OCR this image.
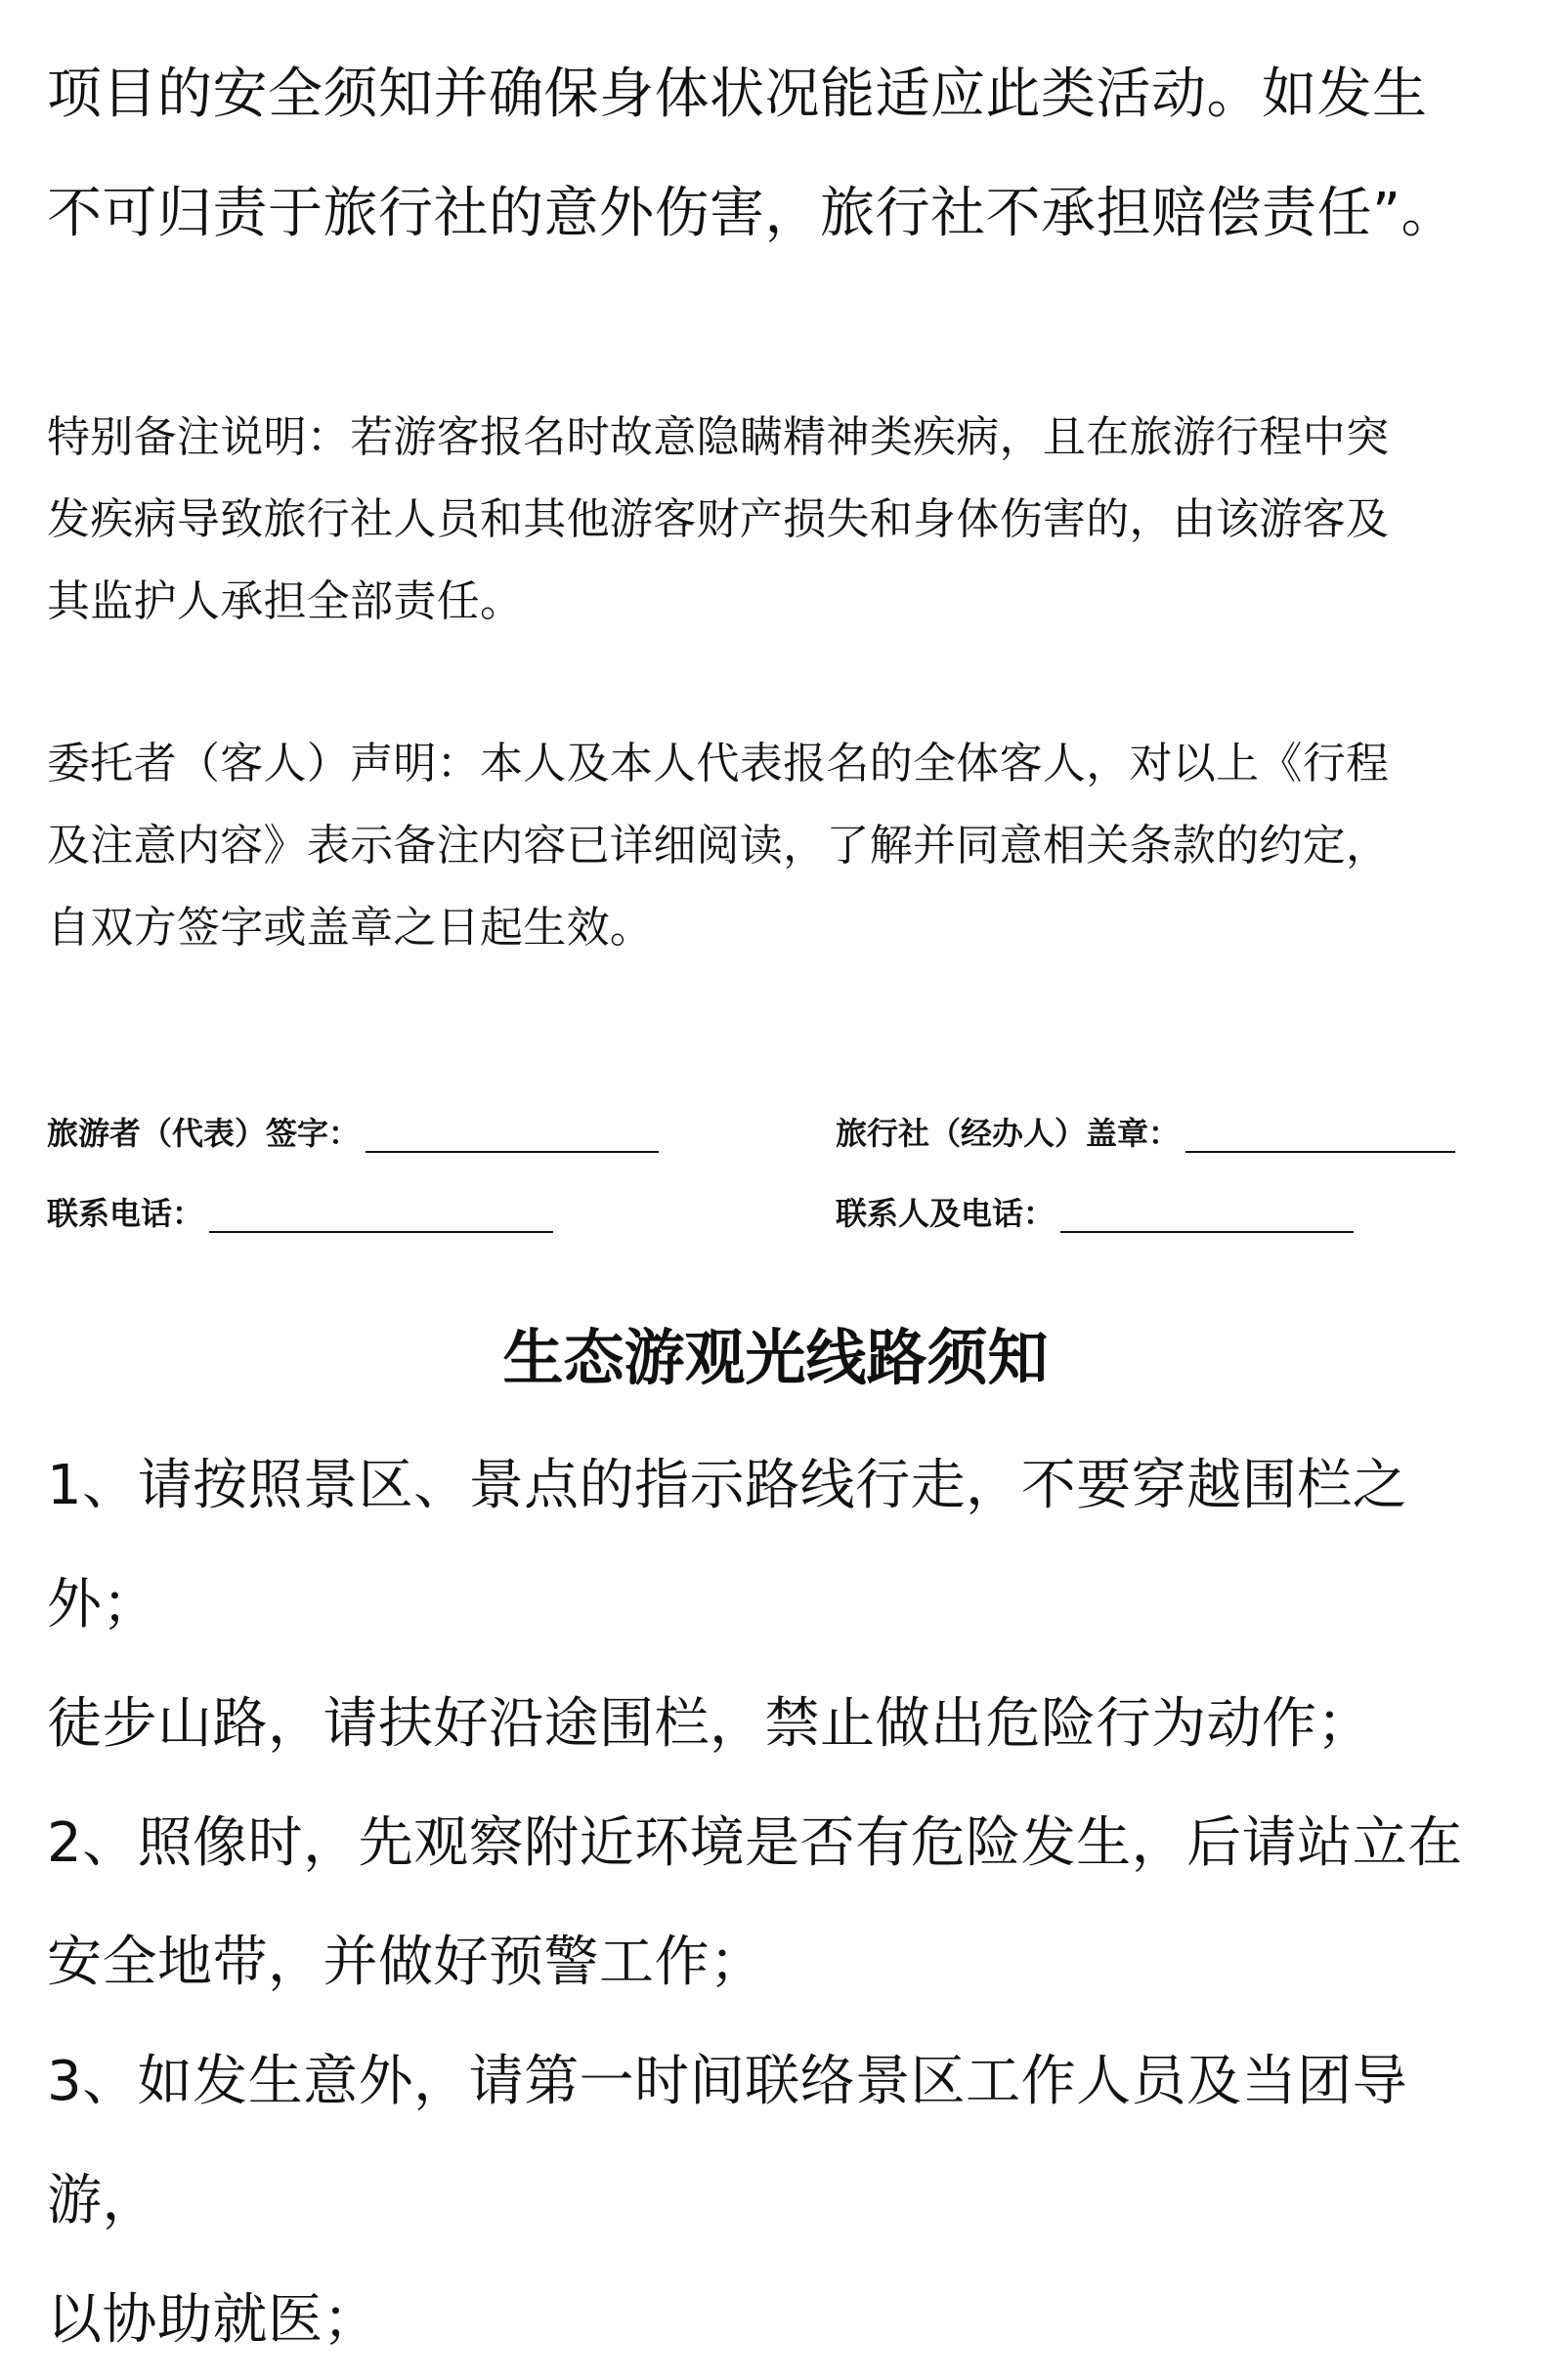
项目的安全须知并确保身体状况能适应此类活动。如发生
不可归责于旅行社的意外伤害，旅行社不承担赔偿责任”。
特别备注说明：若游客报名时故意隐瞒精神类疾病，且在旅游行程中突
发疾病导致旅行社人员和其他游客财产损失和身体伤害的，由该游客及
其监护人承担全部责任。
委托者（客人）声明：本人及本人代表报名的全体客人，对以上《行程
及注意内容》表示备注内容已详细阅读，了解并同意相关条款的约定，
自双方签字或盖章之日起生效。
旅游者（代表）签字：	旅行社（经办人）盖章：
联系电话：	联系人及电话：
生态游观光线路须知
1、请按照景区、景点的指示路线行走，不要穿越围栏之外；
徒步山路，请扶好沿途围栏，禁止做出危险行为动作；
2、照像时，先观察附近环境是否有危险发生，后请站立在
安全地带，并做好预警工作；
3、如发生意外，请第一时间联络景区工作人员及当团导游，
以协助就医；
